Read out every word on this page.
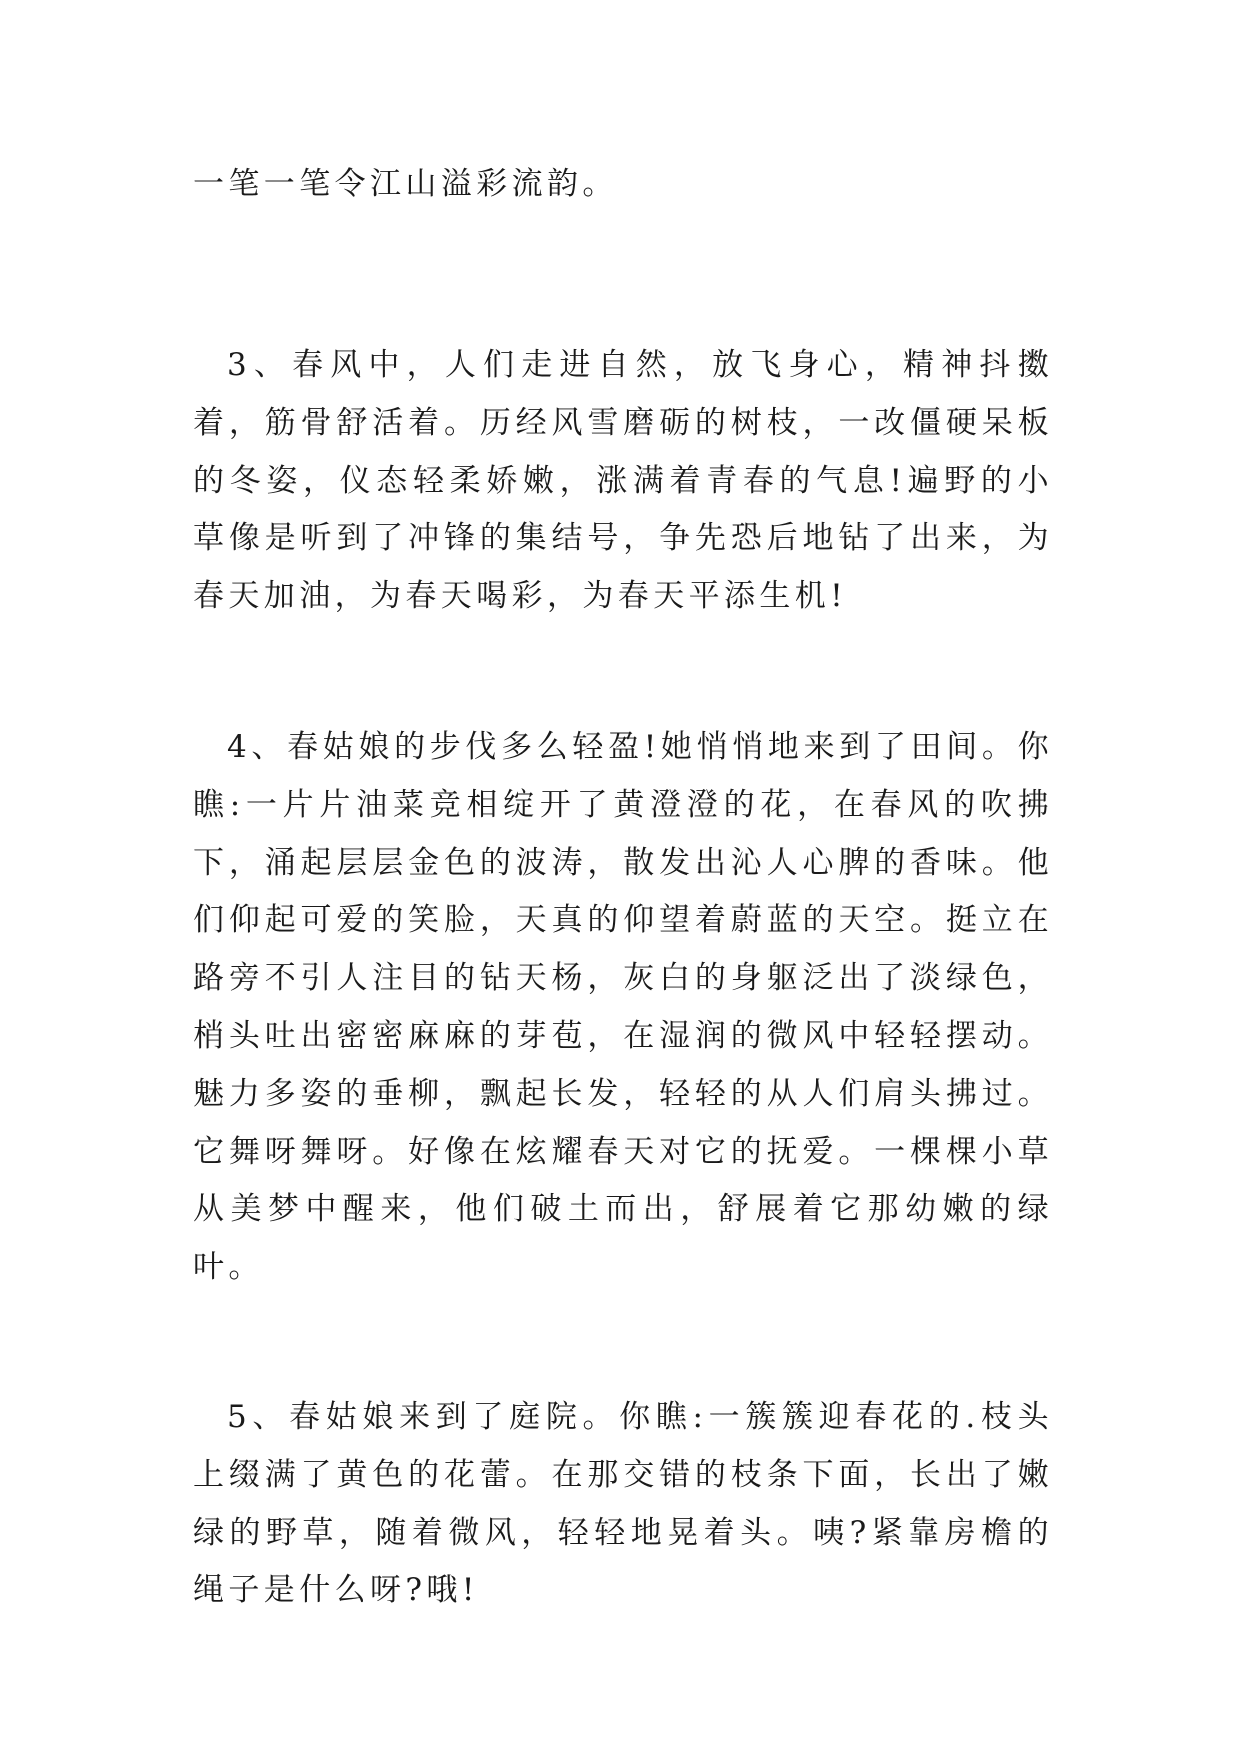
一笔一笔令江山溢彩流韵。

3、春风中，人们走进自然，放飞身心，精神抖擞着，筋骨舒活着。历经风雪磨砺的树枝，一改僵硬呆板的冬姿，仪态轻柔娇嫩，涨满着青春的气息!遍野的小草像是听到了冲锋的集结号，争先恐后地钻了出来，为春天加油，为春天喝彩，为春天平添生机!

4、春姑娘的步伐多么轻盈!她悄悄地来到了田间。你瞧:一片片油菜竞相绽开了黄澄澄的花，在春风的吹拂下，涌起层层金色的波涛，散发出沁人心脾的香味。他们仰起可爱的笑脸，天真的仰望着蔚蓝的天空。挺立在路旁不引人注目的钻天杨，灰白的身躯泛出了淡绿色，梢头吐出密密麻麻的芽苞，在湿润的微风中轻轻摆动。魅力多姿的垂柳，飘起长发，轻轻的从人们肩头拂过。它舞呀舞呀。好像在炫耀春天对它的抚爱。一棵棵小草从美梦中醒来，他们破土而出，舒展着它那幼嫩的绿叶。

5、春姑娘来到了庭院。你瞧:一簇簇迎春花的.枝头上缀满了黄色的花蕾。在那交错的枝条下面，长出了嫩绿的野草，随着微风，轻轻地晃着头。咦?紧靠房檐的绳子是什么呀?哦!
